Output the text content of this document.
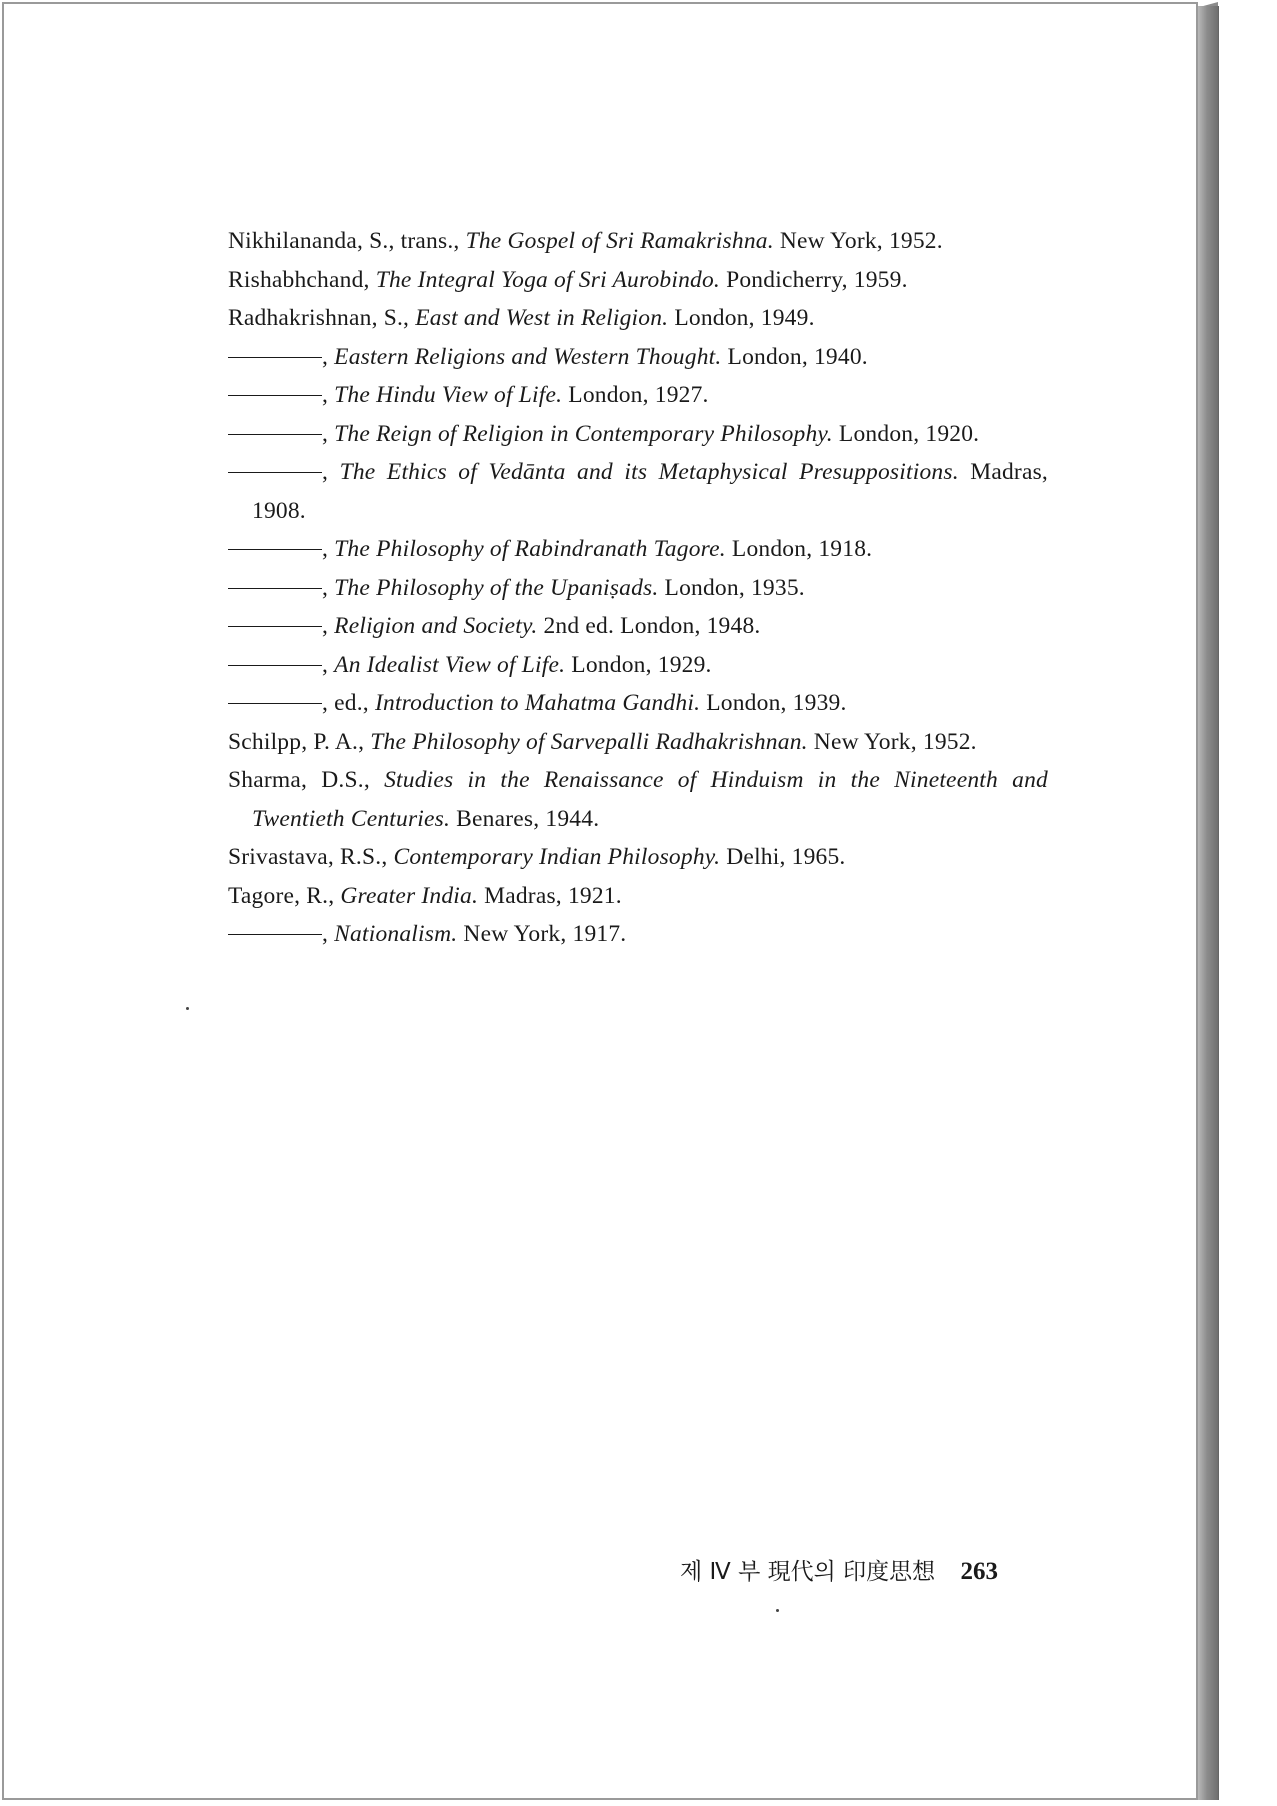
Nikhilananda, S., trans., The Gospel of Sri Ramakrishna. New York, 1952.
Rishabhchand, The Integral Yoga of Sri Aurobindo. Pondicherry, 1959.
Radhakrishnan, S., East and West in Religion. London, 1949.
, Eastern Religions and Western Thought. London, 1940.
, The Hindu View of Life. London, 1927.
, The Reign of Religion in Contemporary Philosophy. London, 1920.
, The Ethics of Vedānta and its Metaphysical Presuppositions. Madras, 1908.
, The Philosophy of Rabindranath Tagore. London, 1918.
, The Philosophy of the Upaniṣads. London, 1935.
, Religion and Society. 2nd ed. London, 1948.
, An Idealist View of Life. London, 1929.
, ed., Introduction to Mahatma Gandhi. London, 1939.
Schilpp, P. A., The Philosophy of Sarvepalli Radhakrishnan. New York, 1952.
Sharma, D.S., Studies in the Renaissance of Hinduism in the Nineteenth and Twentieth Centuries. Benares, 1944.
Srivastava, R.S., Contemporary Indian Philosophy. Delhi, 1965.
Tagore, R., Greater India. Madras, 1921.
, Nationalism. New York, 1917.
제 Ⅳ 부 現代의 印度思想 263
